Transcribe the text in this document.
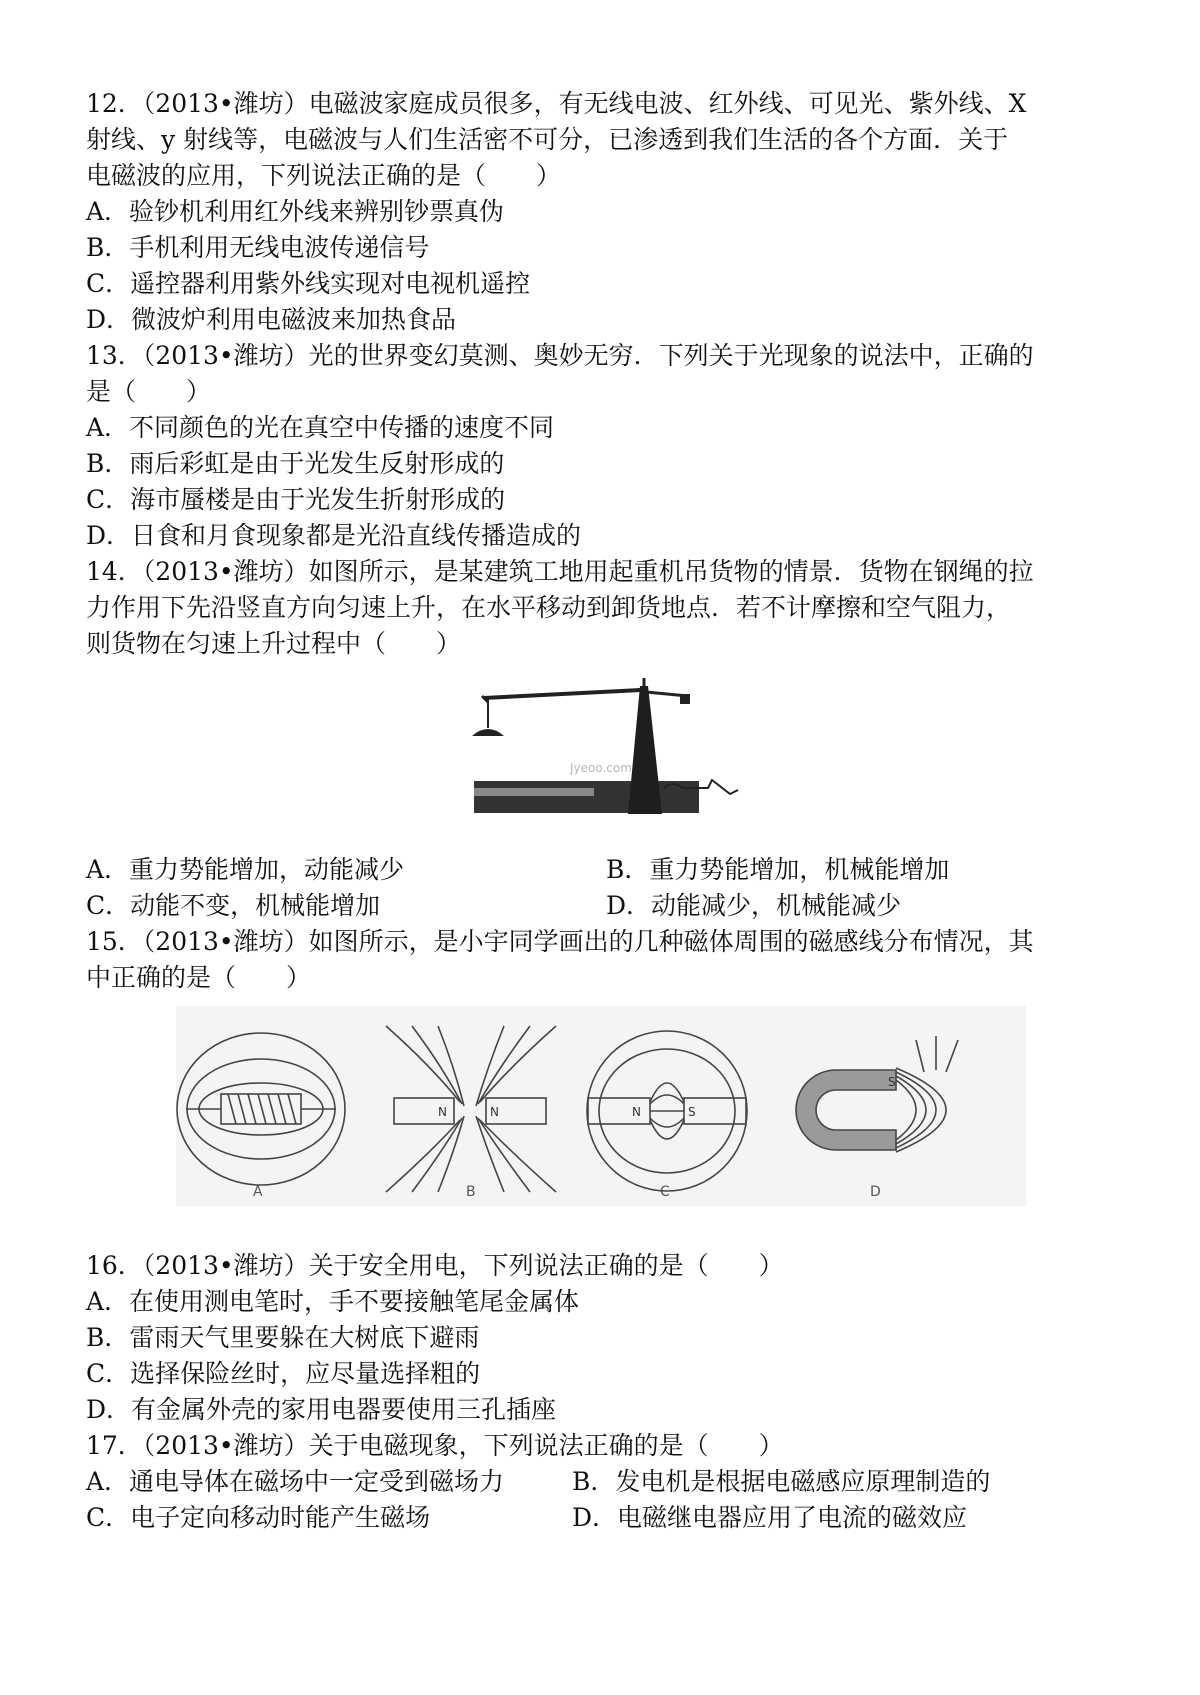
12．（2013•潍坊）电磁波家庭成员很多，有无线电波、红外线、可见光、紫外线、X
射线、y 射线等，电磁波与人们生活密不可分，已渗透到我们生活的各个方面．关于
电磁波的应用，下列说法正确的是（　　）
A．验钞机利用红外线来辨别钞票真伪
B．手机利用无线电波传递信号
C．遥控器利用紫外线实现对电视机遥控
D．微波炉利用电磁波来加热食品
13．（2013•潍坊）光的世界变幻莫测、奥妙无穷．下列关于光现象的说法中，正确的
是（　　）
A．不同颜色的光在真空中传播的速度不同
B．雨后彩虹是由于光发生反射形成的
C．海市蜃楼是由于光发生折射形成的
D．日食和月食现象都是光沿直线传播造成的
14．（2013•潍坊）如图所示，是某建筑工地用起重机吊货物的情景．货物在钢绳的拉
力作用下先沿竖直方向匀速上升，在水平移动到卸货地点．若不计摩擦和空气阻力，
则货物在匀速上升过程中（　　）
Jyeoo.com
A．重力势能增加，动能减少	B．重力势能增加，机械能增加
C．动能不变，机械能增加	D．动能减少，机械能减少
15．（2013•潍坊）如图所示，是小宇同学画出的几种磁体周围的磁感线分布情况，其
中正确的是（　　）
A
N	N
B
N	S
C
S
D
16．（2013•潍坊）关于安全用电，下列说法正确的是（　　）
A．在使用测电笔时，手不要接触笔尾金属体
B．雷雨天气里要躲在大树底下避雨
C．选择保险丝时，应尽量选择粗的
D．有金属外壳的家用电器要使用三孔插座
17．（2013•潍坊）关于电磁现象，下列说法正确的是（　　）
A．通电导体在磁场中一定受到磁场力	B．发电机是根据电磁感应原理制造的
C．电子定向移动时能产生磁场	D．电磁继电器应用了电流的磁效应
